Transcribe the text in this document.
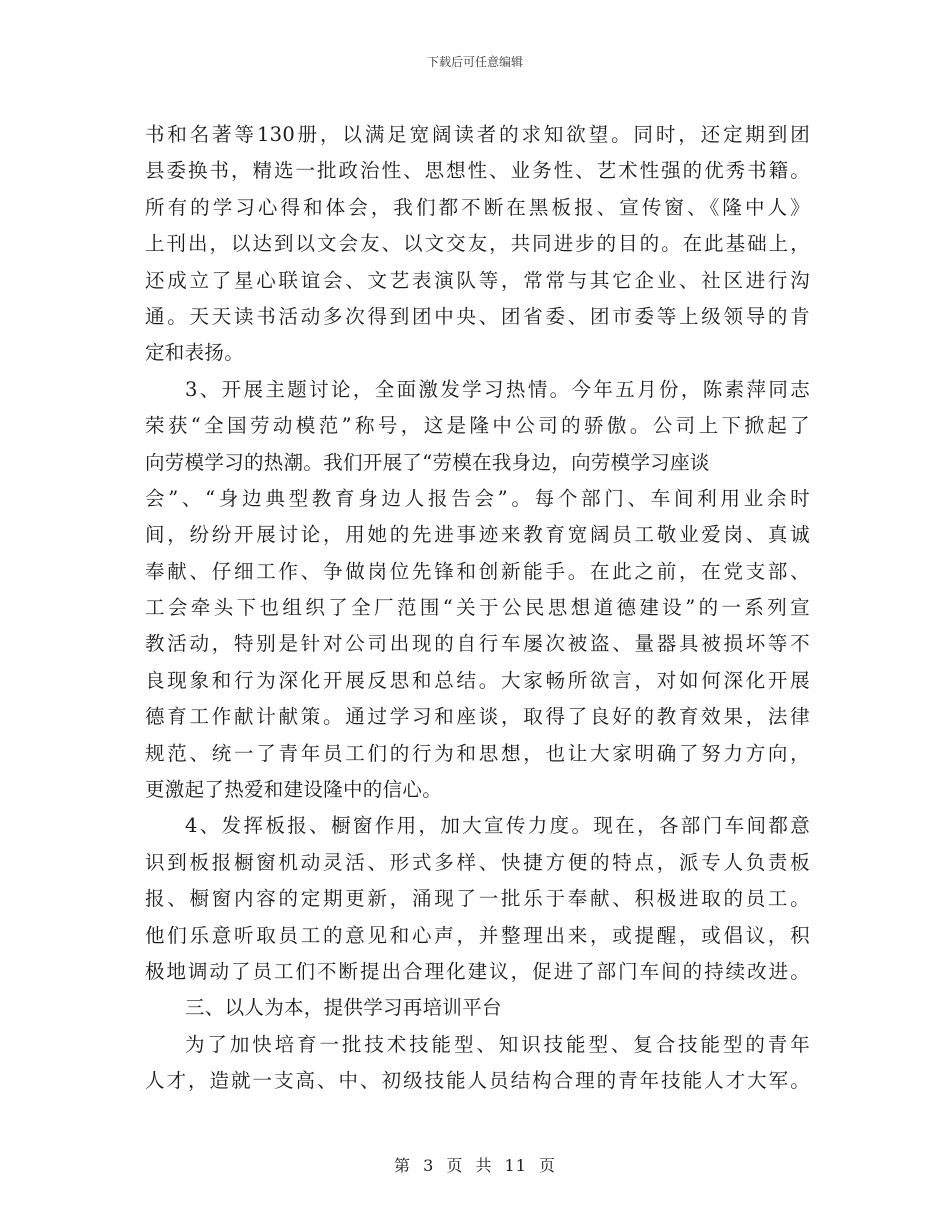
下载后可任意编辑
书和名著等130册，以满足宽阔读者的求知欲望。同时，还定期到团
县委换书，精选一批政治性、思想性、业务性、艺术性强的优秀书籍。
所有的学习心得和体会，我们都不断在黑板报、宣传窗、《隆中人》
上刊出，以达到以文会友、以文交友，共同进步的目的。在此基础上，
还成立了星心联谊会、文艺表演队等，常常与其它企业、社区进行沟
通。天天读书活动多次得到团中央、团省委、团市委等上级领导的肯
定和表扬。
3、开展主题讨论，全面激发学习热情。今年五月份，陈素萍同志
荣获“全国劳动模范”称号，这是隆中公司的骄傲。公司上下掀起了
向劳模学习的热潮。我们开展了“劳模在我身边，向劳模学习座谈
会”、“身边典型教育身边人报告会”。每个部门、车间利用业余时
间，纷纷开展讨论，用她的先进事迹来教育宽阔员工敬业爱岗、真诚
奉献、仔细工作、争做岗位先锋和创新能手。在此之前，在党支部、
工会牵头下也组织了全厂范围“关于公民思想道德建设”的一系列宣
教活动，特别是针对公司出现的自行车屡次被盗、量器具被损坏等不
良现象和行为深化开展反思和总结。大家畅所欲言，对如何深化开展
德育工作献计献策。通过学习和座谈，取得了良好的教育效果，法律
规范、统一了青年员工们的行为和思想，也让大家明确了努力方向，
更激起了热爱和建设隆中的信心。
4、发挥板报、橱窗作用，加大宣传力度。现在，各部门车间都意
识到板报橱窗机动灵活、形式多样、快捷方便的特点，派专人负责板
报、橱窗内容的定期更新，涌现了一批乐于奉献、积极进取的员工。
他们乐意听取员工的意见和心声，并整理出来，或提醒，或倡议，积
极地调动了员工们不断提出合理化建议，促进了部门车间的持续改进。
三、以人为本，提供学习再培训平台
为了加快培育一批技术技能型、知识技能型、复合技能型的青年
人才，造就一支高、中、初级技能人员结构合理的青年技能人才大军。
第 3 页 共 11 页
